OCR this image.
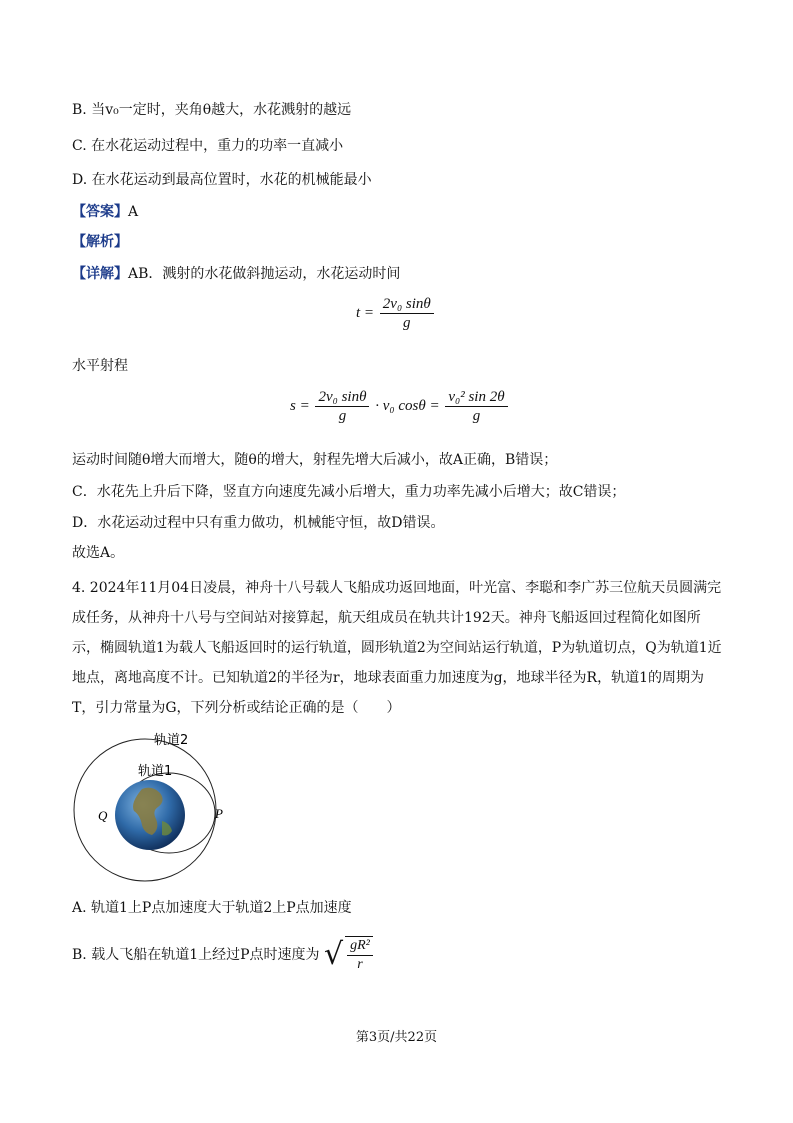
B. 当v₀一定时，夹角θ越大，水花溅射的越远
C. 在水花运动过程中，重力的功率一直减小
D. 在水花运动到最高位置时，水花的机械能最小
【答案】A
【解析】
【详解】AB．溅射的水花做斜抛运动，水花运动时间
$t = \frac{\text{2v₀ sinθ}}{g}$
水平射程
$s = \frac{\text{2v₀ sinθ}}{g} \cdot v_0$ $\cos\theta = \frac{\text{v₀² sin 2θ}}{g}$
运动时间随θ增大而增大，随θ的增大，射程先增大后减小，故A正确，B错误；
C．水花先上升后下降，竖直方向速度先减小后增大，重力功率先减小后增大；故C错误；
D．水花运动过程中只有重力做功，机械能守恒，故D错误。
故选A。
4. 2024年11月04日凌晨，神舟十八号载人飞船成功返回地面，叶光富、李聪和李广苏三位航天员圆满完成任务，从神舟十八号与空间站对接算起，航天组成员在轨共计192天。神舟飞船返回过程简化如图所示，椭圆轨道1为载人飞船返回时的运行轨道，圆形轨道2为空间站运行轨道，P为轨道切点，Q为轨道1近地点，离地高度不计。已知轨道2的半径为r，地球表面重力加速度为g，地球半径为R，轨道1的周期为T，引力常量为G，下列分析或结论正确的是（　　）
轨道2
轨道1
Q	P
A. 轨道1上P点加速度大于轨道2上P点加速度
B. 载人飞船在轨道1上经过P点时速度为 √ $\frac{\text{gR²}}{r}$
第3页/共22页
